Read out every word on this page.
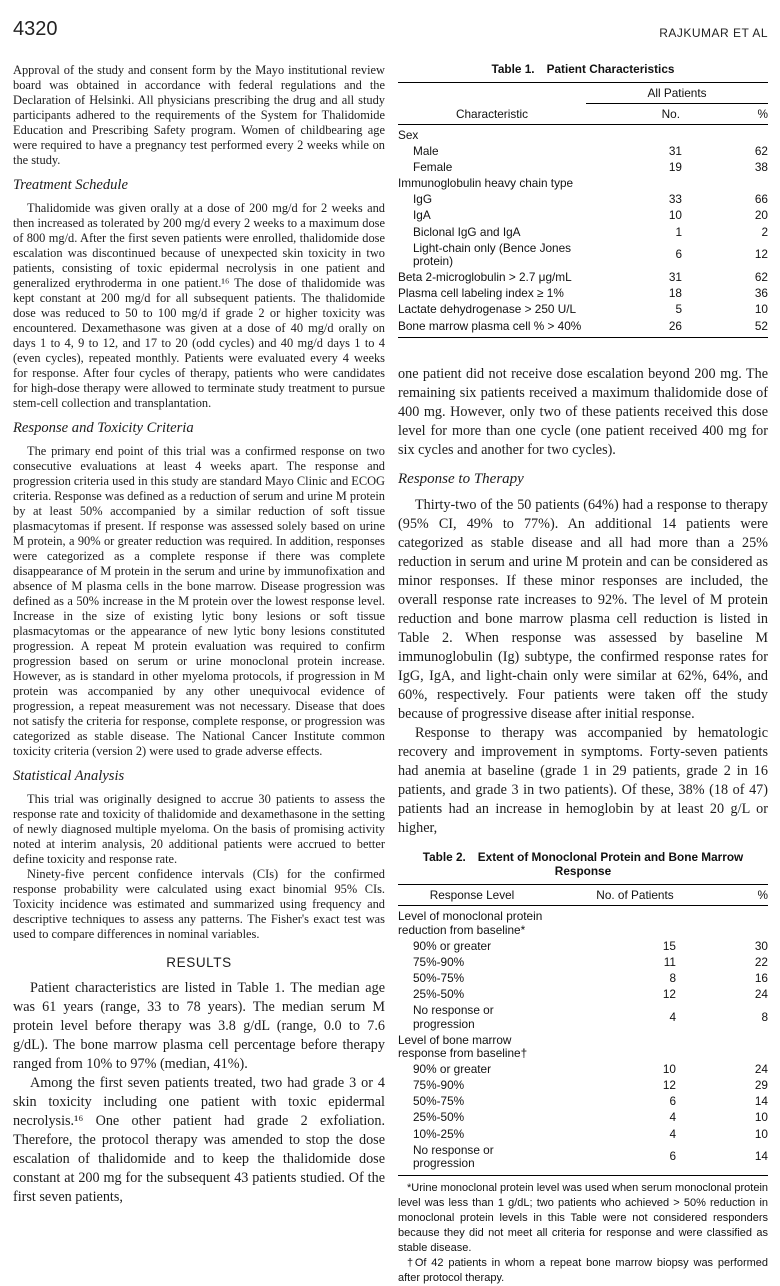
4320	RAJKUMAR ET AL

Approval of the study and consent form by the Mayo institutional review board was obtained in accordance with federal regulations and the Declaration of Helsinki. All physicians prescribing the drug and all study participants adhered to the requirements of the System for Thalidomide Education and Prescribing Safety program. Women of childbearing age were required to have a pregnancy test performed every 2 weeks while on the study.

Treatment Schedule

Thalidomide was given orally at a dose of 200 mg/d for 2 weeks and then increased as tolerated by 200 mg/d every 2 weeks to a maximum dose of 800 mg/d. After the first seven patients were enrolled, thalidomide dose escalation was discontinued because of unexpected skin toxicity in two patients, consisting of toxic epidermal necrolysis in one patient and generalized erythroderma in one patient.¹⁶ The dose of thalidomide was kept constant at 200 mg/d for all subsequent patients. The thalidomide dose was reduced to 50 to 100 mg/d if grade 2 or higher toxicity was encountered. Dexamethasone was given at a dose of 40 mg/d orally on days 1 to 4, 9 to 12, and 17 to 20 (odd cycles) and 40 mg/d days 1 to 4 (even cycles), repeated monthly. Patients were evaluated every 4 weeks for response. After four cycles of therapy, patients who were candidates for high-dose therapy were allowed to terminate study treatment to pursue stem-cell collection and transplantation.

Response and Toxicity Criteria

The primary end point of this trial was a confirmed response on two consecutive evaluations at least 4 weeks apart. The response and progression criteria used in this study are standard Mayo Clinic and ECOG criteria. Response was defined as a reduction of serum and urine M protein by at least 50% accompanied by a similar reduction of soft tissue plasmacytomas if present. If response was assessed solely based on urine M protein, a 90% or greater reduction was required. In addition, responses were categorized as a complete response if there was complete disappearance of M protein in the serum and urine by immunofixation and absence of M plasma cells in the bone marrow. Disease progression was defined as a 50% increase in the M protein over the lowest response level. Increase in the size of existing lytic bony lesions or soft tissue plasmacytomas or the appearance of new lytic bony lesions constituted progression. A repeat M protein evaluation was required to confirm progression based on serum or urine monoclonal protein increase. However, as is standard in other myeloma protocols, if progression in M protein was accompanied by any other unequivocal evidence of progression, a repeat measurement was not necessary. Disease that does not satisfy the criteria for response, complete response, or progression was categorized as stable disease. The National Cancer Institute common toxicity criteria (version 2) were used to grade adverse effects.

Statistical Analysis

This trial was originally designed to accrue 30 patients to assess the response rate and toxicity of thalidomide and dexamethasone in the setting of newly diagnosed multiple myeloma. On the basis of promising activity noted at interim analysis, 20 additional patients were accrued to better define toxicity and response rate.

Ninety-five percent confidence intervals (CIs) for the confirmed response probability were calculated using exact binomial 95% CIs. Toxicity incidence was estimated and summarized using frequency and descriptive techniques to assess any patterns. The Fisher's exact test was used to compare differences in nominal variables.

RESULTS

Patient characteristics are listed in Table 1. The median age was 61 years (range, 33 to 78 years). The median serum M protein level before therapy was 3.8 g/dL (range, 0.0 to 7.6 g/dL). The bone marrow plasma cell percentage before therapy ranged from 10% to 97% (median, 41%).

Among the first seven patients treated, two had grade 3 or 4 skin toxicity including one patient with toxic epidermal necrolysis.¹⁶ One other patient had grade 2 exfoliation. Therefore, the protocol therapy was amended to stop the dose escalation of thalidomide and to keep the thalidomide dose constant at 200 mg for the subsequent 43 patients studied. Of the first seven patients,

Table 1. Patient Characteristics
	All Patients	
Characteristic	No.	%
Sex		
Male	31	62
Female	19	38
Immunoglobulin heavy chain type		
IgG	33	66
IgA	10	20
Biclonal IgG and IgA	1	2
Light-chain only (Bence Jones protein)	6	12
Beta 2-microglobulin > 2.7 μg/mL	31	62
Plasma cell labeling index ≥ 1%	18	36
Lactate dehydrogenase > 250 U/L	5	10
Bone marrow plasma cell % > 40%	26	52

one patient did not receive dose escalation beyond 200 mg. The remaining six patients received a maximum thalidomide dose of 400 mg. However, only two of these patients received this dose level for more than one cycle (one patient received 400 mg for six cycles and another for two cycles).

Response to Therapy

Thirty-two of the 50 patients (64%) had a response to therapy (95% CI, 49% to 77%). An additional 14 patients were categorized as stable disease and all had more than a 25% reduction in serum and urine M protein and can be considered as minor responses. If these minor responses are included, the overall response rate increases to 92%. The level of M protein reduction and bone marrow plasma cell reduction is listed in Table 2. When response was assessed by baseline M immunoglobulin (Ig) subtype, the confirmed response rates for IgG, IgA, and light-chain only were similar at 62%, 64%, and 60%, respectively. Four patients were taken off the study because of progressive disease after initial response.

Response to therapy was accompanied by hematologic recovery and improvement in symptoms. Forty-seven patients had anemia at baseline (grade 1 in 29 patients, grade 2 in 16 patients, and grade 3 in two patients). Of these, 38% (18 of 47) patients had an increase in hemoglobin by at least 20 g/L or higher,

Table 2. Extent of Monoclonal Protein and Bone Marrow Response
Response Level	No. of Patients	%
Level of monoclonal protein reduction from baseline*		
90% or greater	15	30
75%-90%	11	22
50%-75%	8	16
25%-50%	12	24
No response or progression	4	8
Level of bone marrow response from baseline†		
90% or greater	10	24
75%-90%	12	29
50%-75%	6	14
25%-50%	4	10
10%-25%	4	10
No response or progression	6	14

*Urine monoclonal protein level was used when serum monoclonal protein level was less than 1 g/dL; two patients who achieved > 50% reduction in monoclonal protein levels in this Table were not considered responders because they did not meet all criteria for response and were classified as stable disease.

†Of 42 patients in whom a repeat bone marrow biopsy was performed after protocol therapy.
